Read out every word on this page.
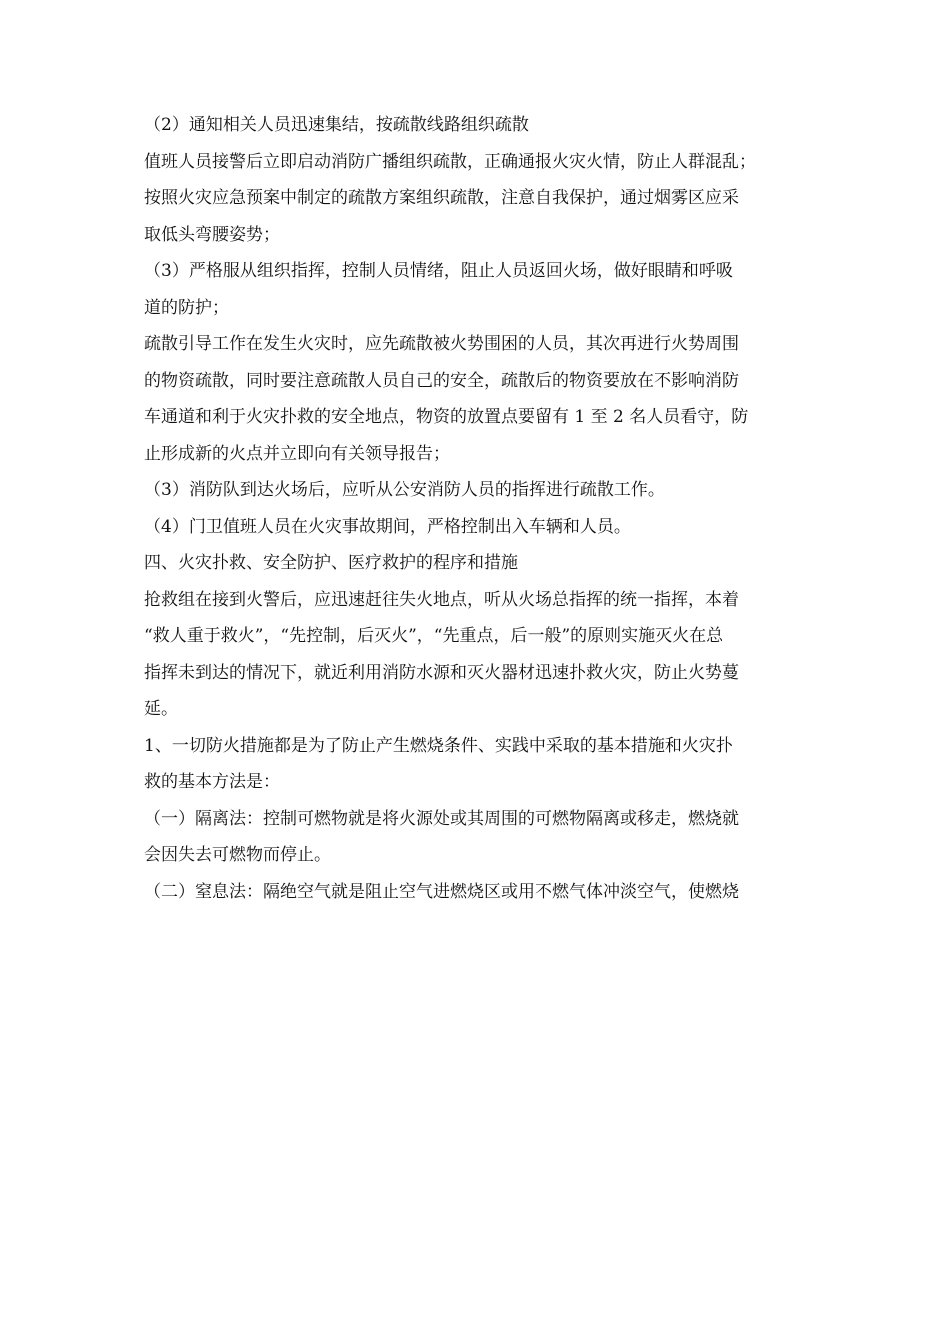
（2）通知相关人员迅速集结，按疏散线路组织疏散
值班人员接警后立即启动消防广播组织疏散，正确通报火灾火情，防止人群混乱；
按照火灾应急预案中制定的疏散方案组织疏散，注意自我保护，通过烟雾区应采
取低头弯腰姿势；
（3）严格服从组织指挥，控制人员情绪，阻止人员返回火场，做好眼睛和呼吸
道的防护；
疏散引导工作在发生火灾时，应先疏散被火势围困的人员，其次再进行火势周围
的物资疏散，同时要注意疏散人员自己的安全，疏散后的物资要放在不影响消防
车通道和利于火灾扑救的安全地点，物资的放置点要留有 1 至 2 名人员看守，防
止形成新的火点并立即向有关领导报告；
（3）消防队到达火场后，应听从公安消防人员的指挥进行疏散工作。
（4）门卫值班人员在火灾事故期间，严格控制出入车辆和人员。
四、火灾扑救、安全防护、医疗救护的程序和措施
抢救组在接到火警后，应迅速赶往失火地点，听从火场总指挥的统一指挥，本着
“救人重于救火”，“先控制，后灭火”，“先重点，后一般”的原则实施灭火在总
指挥未到达的情况下，就近利用消防水源和灭火器材迅速扑救火灾，防止火势蔓
延。
1、一切防火措施都是为了防止产生燃烧条件、实践中采取的基本措施和火灾扑
救的基本方法是：
（一）隔离法：控制可燃物就是将火源处或其周围的可燃物隔离或移走，燃烧就
会因失去可燃物而停止。
（二）窒息法：隔绝空气就是阻止空气进燃烧区或用不燃气体冲淡空气，使燃烧
